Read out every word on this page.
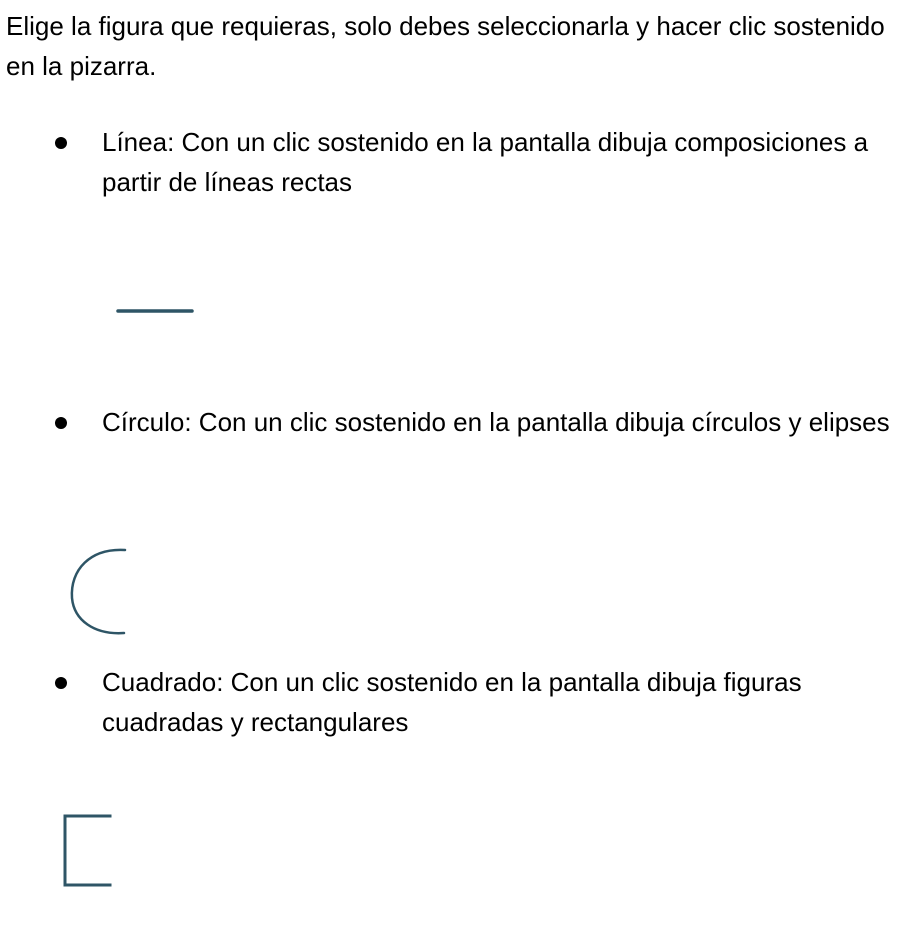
Elige la figura que requieras, solo debes seleccionarla y hacer clic sostenido en la pizarra.

Línea: Con un clic sostenido en la pantalla dibuja composiciones a partir de líneas rectas

Círculo: Con un clic sostenido en la pantalla dibuja círculos y elipses

Cuadrado: Con un clic sostenido en la pantalla dibuja figuras cuadradas y rectangulares
